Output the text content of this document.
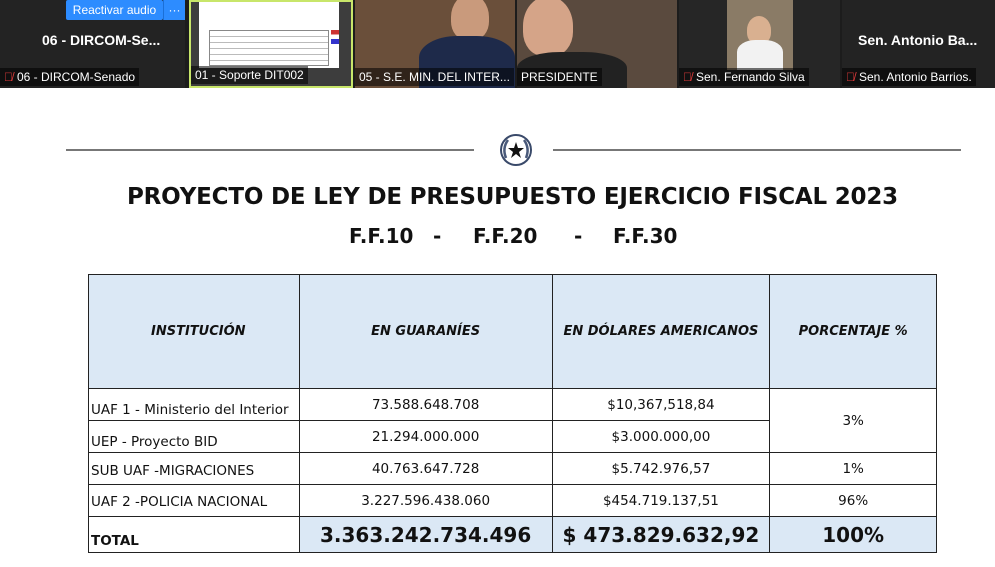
Reactivar audio	···
06 - DIRCOM-Se...
🎙̸ 06 - DIRCOM-Senado	01 - Soporte DIT002	05 - S.E. MIN. DEL INTER... PRESIDENTE	🎙̸ Sen. Fernando Silva
Sen. Antonio Ba...
🎙̸ Sen. Antonio Barrios.
PROYECTO DE LEY DE PRESUPUESTO EJERCICIO FISCAL 2023
F.F.10 - F.F.20 - F.F.30
INSTITUCIÓN	EN GUARANÍES	EN DÓLARES AMERICANOS	PORCENTAJE %
UAF 1 - Ministerio del Interior	73.588.648.708	$10,367,518,84	3%
UEP - Proyecto BID	21.294.000.000	$3.000.000,00	
SUB UAF -MIGRACIONES	40.763.647.728	$5.742.976,57	1%
UAF 2 -POLICIA NACIONAL	3.227.596.438.060	$454.719.137,51	96%
TOTAL	3.363.242.734.496	$ 473.829.632,92	100%
